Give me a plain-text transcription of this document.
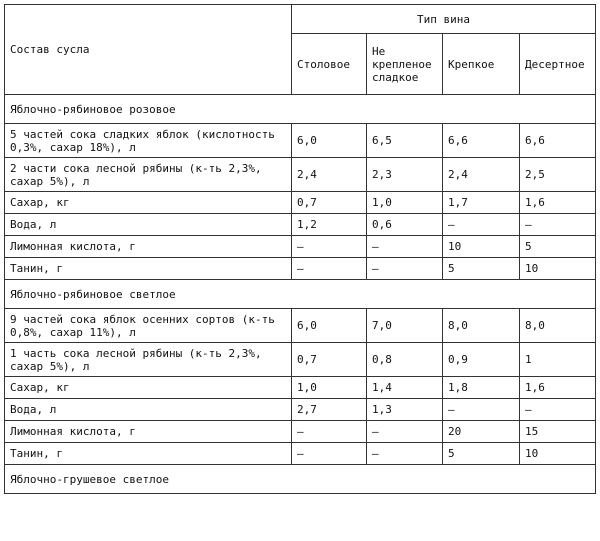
Состав сусла	Тип вина			
	Столовое	Не крепленое сладкое	Крепкое	Десертное
Яблочно-рябиновое розовое				
5 частей сока сладких яблок (кислотность 0,3%, сахар 18%), л	6,0	6,5	6,6	6,6
2 части сока лесной рябины (к-ть 2,3%, сахар 5%), л	2,4	2,3	2,4	2,5
Сахар, кг	0,7	1,0	1,7	1,6
Вода, л	1,2	0,6	—	—
Лимонная кислота, г	—	—	10	5
Танин, г	—	—	5	10
Яблочно-рябиновое светлое				
9 частей сока яблок осенних сортов (к-ть 0,8%, сахар 11%), л	6,0	7,0	8,0	8,0
1 часть сока лесной рябины (к-ть 2,3%, сахар 5%), л	0,7	0,8	0,9	1
Сахар, кг	1,0	1,4	1,8	1,6
Вода, л	2,7	1,3	—	—
Лимонная кислота, г	—	—	20	15
Танин, г	—	—	5	10
Яблочно-грушевое светлое				
